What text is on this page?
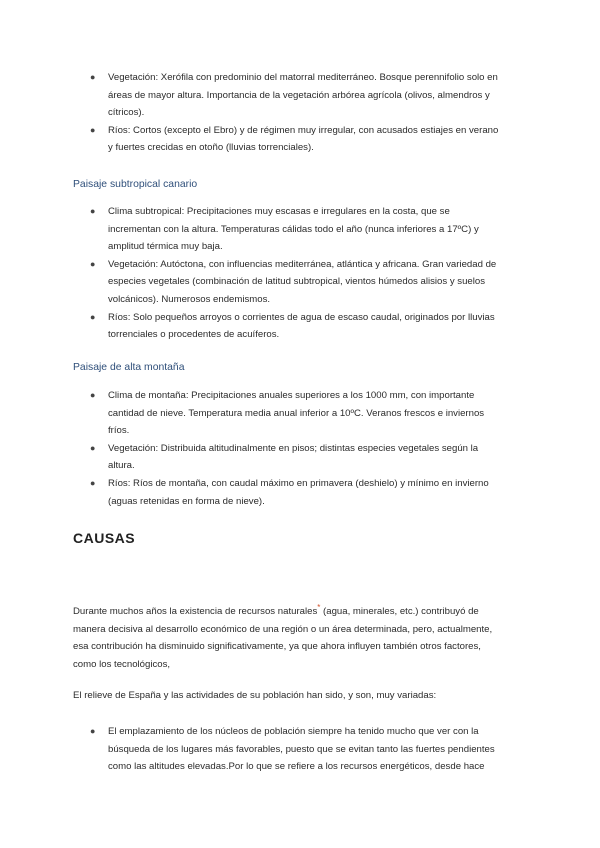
● Vegetación: Xerófila con predominio del matorral mediterráneo. Bosque perennifolio solo en
áreas de mayor altura. Importancia de la vegetación arbórea agrícola (olivos, almendros y
cítricos).
● Ríos: Cortos (excepto el Ebro) y de régimen muy irregular, con acusados estiajes en verano
y fuertes crecidas en otoño (lluvias torrenciales).
Paisaje subtropical canario
● Clima subtropical: Precipitaciones muy escasas e irregulares en la costa, que se
incrementan con la altura. Temperaturas cálidas todo el año (nunca inferiores a 17ºC) y
amplitud térmica muy baja.
● Vegetación: Autóctona, con influencias mediterránea, atlántica y africana. Gran variedad de
especies vegetales (combinación de latitud subtropical, vientos húmedos alisios y suelos
volcánicos). Numerosos endemismos.
● Ríos: Solo pequeños arroyos o corrientes de agua de escaso caudal, originados por lluvias
torrenciales o procedentes de acuíferos.
Paisaje de alta montaña
● Clima de montaña: Precipitaciones anuales superiores a los 1000 mm, con importante
cantidad de nieve. Temperatura media anual inferior a 10ºC. Veranos frescos e inviernos
fríos.
● Vegetación: Distribuida altitudinalmente en pisos; distintas especies vegetales según la
altura.
● Ríos: Ríos de montaña, con caudal máximo en primavera (deshielo) y mínimo en invierno
(aguas retenidas en forma de nieve).
CAUSAS

Durante muchos años la existencia de recursos naturales* (agua, minerales, etc.) contribuyó de
manera decisiva al desarrollo económico de una región o un área determinada, pero, actualmente,
esa contribución ha disminuido significativamente, ya que ahora influyen también otros factores,
como los tecnológicos,

El relieve de España y las actividades de su población han sido, y son, muy variadas:

● El emplazamiento de los núcleos de población siempre ha tenido mucho que ver con la
búsqueda de los lugares más favorables, puesto que se evitan tanto las fuertes pendientes
como las altitudes elevadas.Por lo que se refiere a los recursos energéticos, desde hace
